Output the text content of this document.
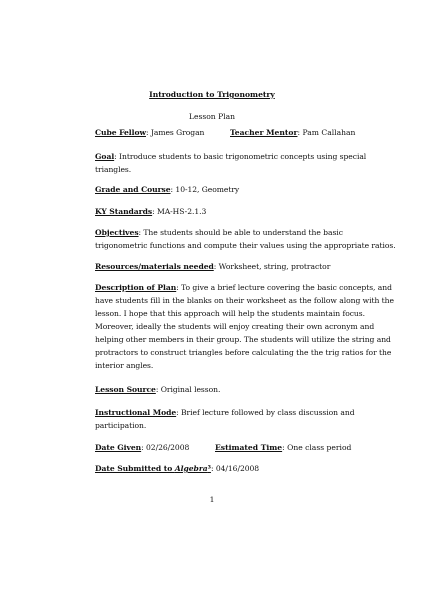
Introduction to Trigonometry
Lesson Plan
Cube Fellow: James Grogan	Teacher Mentor: Pam Callahan
Goal: Introduce students to basic trigonometric concepts using special
triangles.
Grade and Course: 10-12, Geometry
KY Standards: MA-HS-2.1.3
Objectives: The students should be able to understand the basic
trigonometric functions and compute their values using the appropriate ratios.
Resources/materials needed: Worksheet, string, protractor
Description of Plan: To give a brief lecture covering the basic concepts, and
have students fill in the blanks on their worksheet as the follow along with the
lesson. I hope that this approach will help the students maintain focus.
Moreover, ideally the students will enjoy creating their own acronym and
helping other members in their group. The students will utilize the string and
protractors to construct triangles before calculating the the trig ratios for the
interior angles.
Lesson Source: Original lesson.
Instructional Mode: Brief lecture followed by class discussion and
participation.
Date Given: 02/26/2008	Estimated Time: One class period
Date Submitted to Algebra³: 04/16/2008
1
